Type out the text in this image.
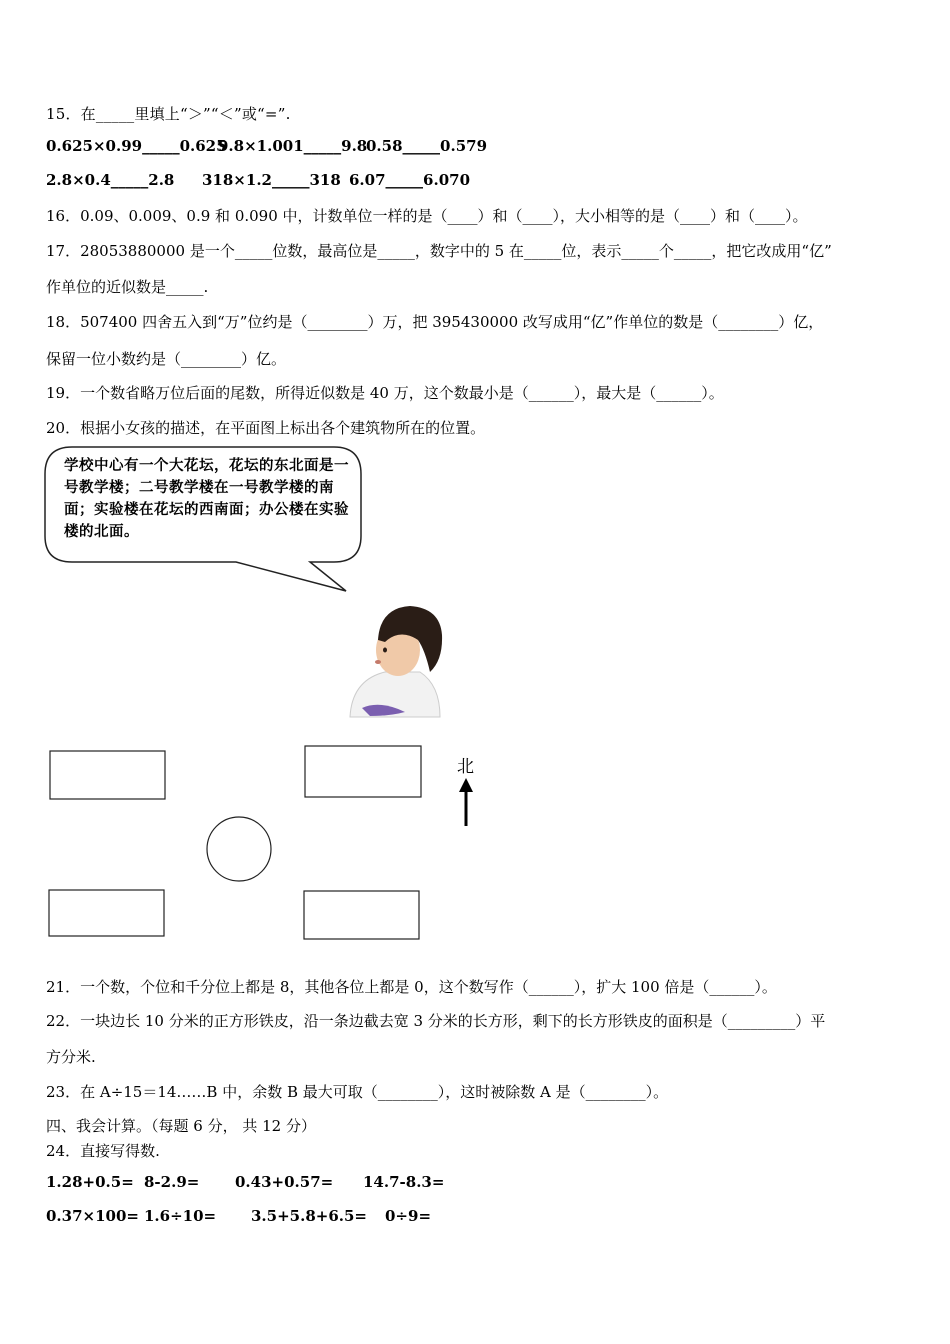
15．在_____里填上“＞”“＜”或“=”.
0.625×0.99_____0.6259.8×1.001_____9.80.58_____0.579
2.8×0.4_____2.8 318×1.2_____318 6.07_____6.070
16．0.09、0.009、0.9 和 0.090 中，计数单位一样的是（____）和（____），大小相等的是（____）和（____）。
17．28053880000 是一个_____位数，最高位是_____，数字中的 5 在_____位，表示_____个_____，把它改成用“亿”
作单位的近似数是_____.
18．507400 四舍五入到“万”位约是（________）万，把 395430000 改写成用“亿”作单位的数是（________）亿，
保留一位小数约是（________）亿。
19．一个数省略万位后面的尾数，所得近似数是 40 万，这个数最小是（______），最大是（______）。
20．根据小女孩的描述，在平面图上标出各个建筑物所在的位置。
学校中心有一个大花坛，花坛的东北面是一号教学楼；二号教学楼在一号教学楼的南面；实验楼在花坛的西南面；办公楼在实验楼的北面。
北
21．一个数，个位和千分位上都是 8，其他各位上都是 0，这个数写作（______），扩大 100 倍是（______）。
22．一块边长 10 分米的正方形铁皮，沿一条边截去宽 3 分米的长方形，剩下的长方形铁皮的面积是（_________）平
方分米.
23．在 A÷15＝14……B 中，余数 B 最大可取（________），这时被除数 A 是（________）。
四、我会计算。（每题 6 分， 共 12 分）
24．直接写得数.
1.28+0.5= 8-2.9= 0.43+0.57= 14.7-8.3=
0.37×100= 1.6÷10= 3.5+5.8+6.5= 0÷9=
